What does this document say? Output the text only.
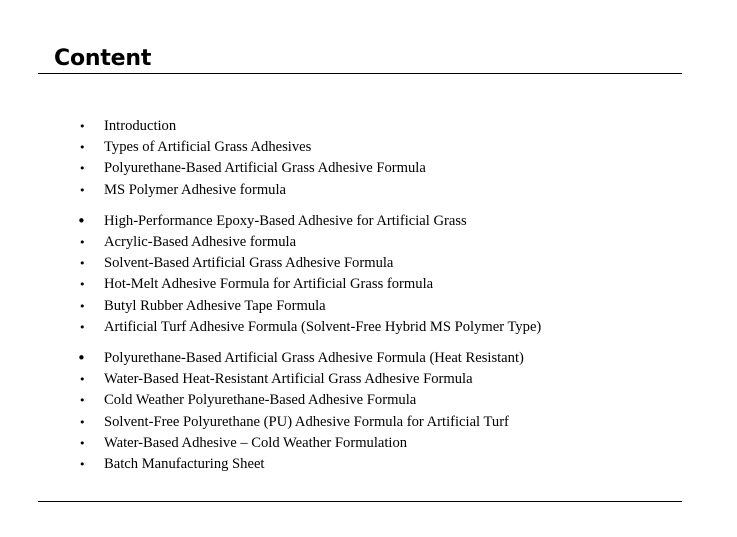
Content
• Introduction
• Types of Artificial Grass Adhesives
• Polyurethane-Based Artificial Grass Adhesive Formula
• MS Polymer Adhesive formula
• High-Performance Epoxy-Based Adhesive for Artificial Grass
• Acrylic-Based Adhesive formula
• Solvent-Based Artificial Grass Adhesive Formula
• Hot-Melt Adhesive Formula for Artificial Grass formula
• Butyl Rubber Adhesive Tape Formula
• Artificial Turf Adhesive Formula (Solvent-Free Hybrid MS Polymer Type)
• Polyurethane-Based Artificial Grass Adhesive Formula (Heat Resistant)
• Water-Based Heat-Resistant Artificial Grass Adhesive Formula
• Cold Weather Polyurethane-Based Adhesive Formula
• Solvent-Free Polyurethane (PU) Adhesive Formula for Artificial Turf
• Water-Based Adhesive – Cold Weather Formulation
• Batch Manufacturing Sheet
